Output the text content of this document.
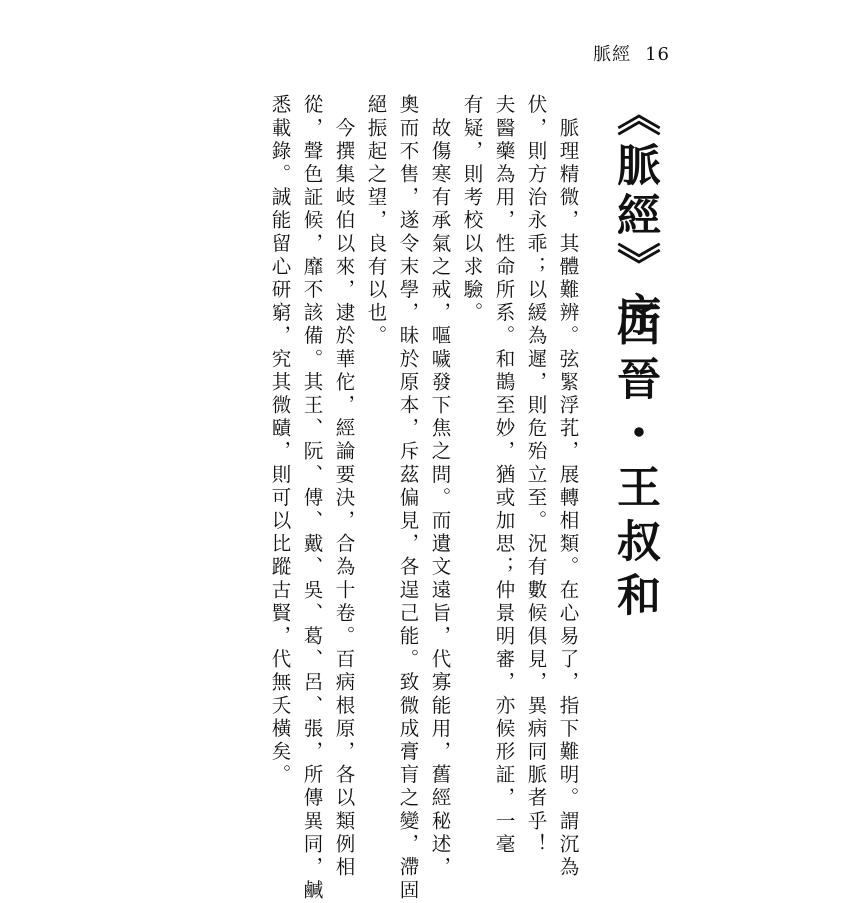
脈經 16
《脈經》序
西晉・王叔和
　脈理精微，其體難辨。弦緊浮芤，展轉相類。在心易了，指下難明。謂沉為
伏，則方治永乖；以緩為遲，則危殆立至。況有數候俱見，異病同脈者乎！
夫醫藥為用，性命所系。和鵲至妙，猶或加思；仲景明審，亦候形証，一毫
有疑，則考校以求驗。
　故傷寒有承氣之戒，嘔噦發下焦之問。而遺文遠旨，代寡能用，舊經秘述，
奧而不售，遂令末學，昧於原本，斥茲偏見，各逞己能。致微成膏肓之變，滯固
絕振起之望，良有以也。
　今撰集岐伯以來，逮於華佗，經論要決，合為十卷。百病根原，各以類例相
從，聲色証候，靡不該備。其王、阮、傅、戴、吳、葛、呂、張，所傳異同，鹹
悉載錄。誠能留心研窮，究其微賾，則可以比蹤古賢，代無夭橫矣。
